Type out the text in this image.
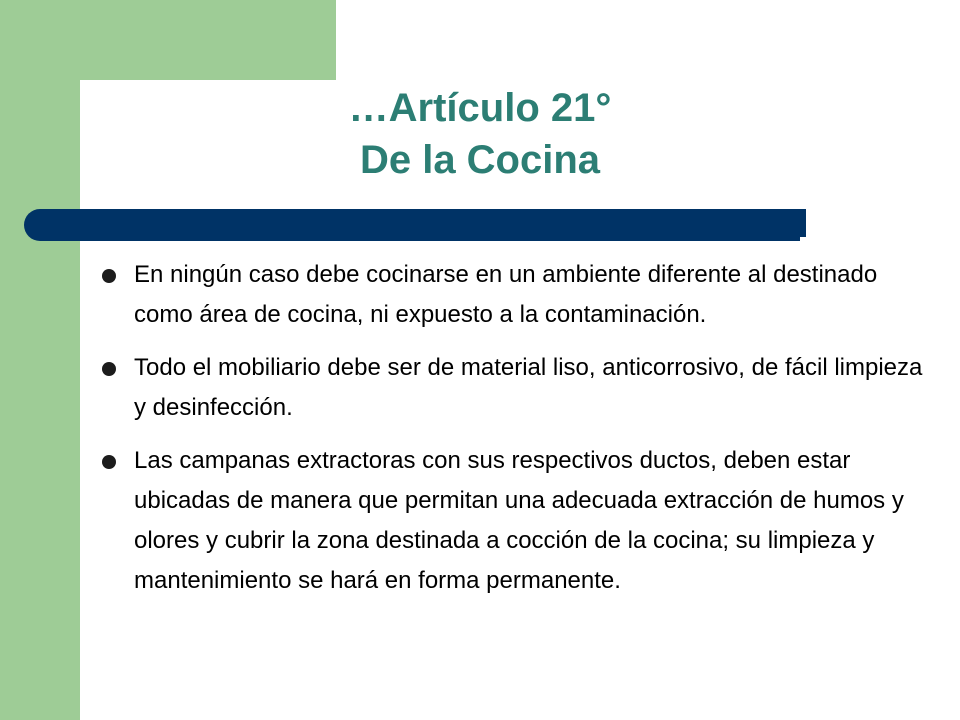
…Artículo 21°
De la Cocina
En ningún caso debe cocinarse en un ambiente diferente al destinado como área de cocina, ni expuesto a la contaminación.
Todo el mobiliario debe ser de material liso, anticorrosivo, de fácil limpieza y desinfección.
Las campanas extractoras con sus respectivos ductos, deben estar ubicadas de manera que permitan una adecuada extracción de humos y olores y cubrir la zona destinada a cocción de la cocina; su limpieza y mantenimiento se hará en forma permanente.
